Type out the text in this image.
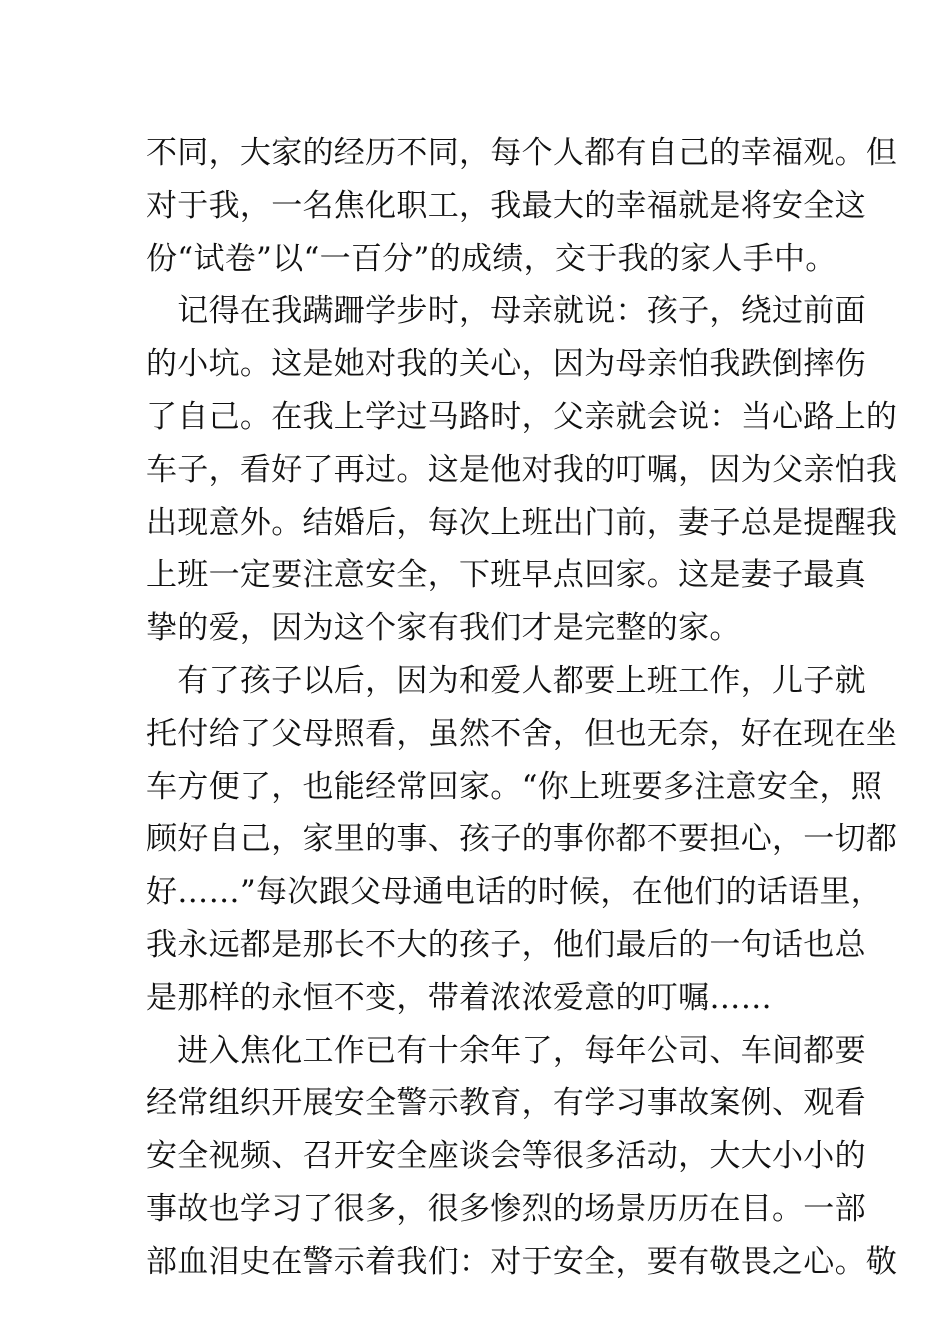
不同，大家的经历不同，每个人都有自己的幸福观。但
对于我，一名焦化职工，我最大的幸福就是将安全这
份“试卷”以“一百分”的成绩，交于我的家人手中。
　记得在我蹒跚学步时，母亲就说：孩子，绕过前面
的小坑。这是她对我的关心，因为母亲怕我跌倒摔伤
了自己。在我上学过马路时，父亲就会说：当心路上的
车子，看好了再过。这是他对我的叮嘱，因为父亲怕我
出现意外。结婚后，每次上班出门前，妻子总是提醒我
上班一定要注意安全，下班早点回家。这是妻子最真
挚的爱，因为这个家有我们才是完整的家。
　有了孩子以后，因为和爱人都要上班工作，儿子就
托付给了父母照看，虽然不舍，但也无奈，好在现在坐
车方便了，也能经常回家。“你上班要多注意安全，照
顾好自己，家里的事、孩子的事你都不要担心，一切都
好……”每次跟父母通电话的时候，在他们的话语里，
我永远都是那长不大的孩子，他们最后的一句话也总
是那样的永恒不变，带着浓浓爱意的叮嘱……
　进入焦化工作已有十余年了，每年公司、车间都要
经常组织开展安全警示教育，有学习事故案例、观看
安全视频、召开安全座谈会等很多活动，大大小小的
事故也学习了很多，很多惨烈的场景历历在目。一部
部血泪史在警示着我们：对于安全，要有敬畏之心。敬
